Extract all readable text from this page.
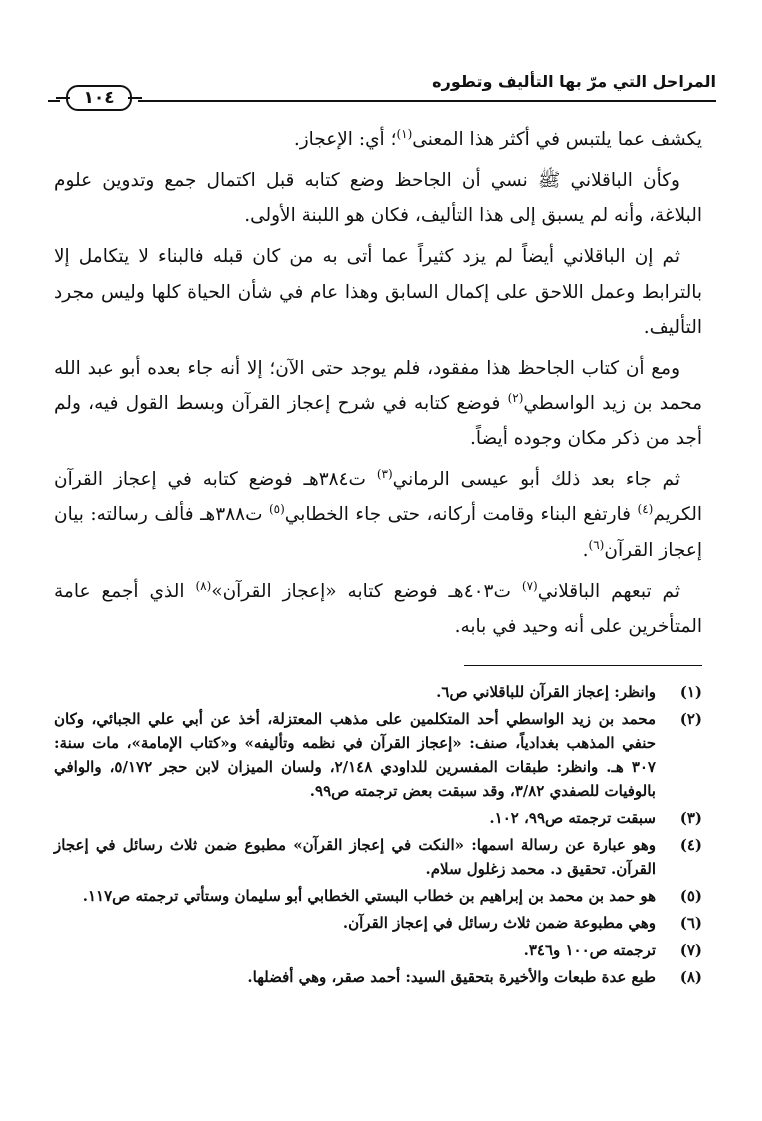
المراحل التي مرّ بها التأليف وتطوره
١٠٤

يكشف عما يلتبس في أكثر هذا المعنى$^{(١)}$؛ أي: الإعجاز.

وكأن الباقلاني ﷺ نسي أن الجاحظ وضع كتابه قبل اكتمال جمع وتدوين علوم البلاغة، وأنه لم يسبق إلى هذا التأليف، فكان هو اللبنة الأولى.

ثم إن الباقلاني أيضاً لم يزد كثيراً عما أتى به من كان قبله فالبناء لا يتكامل إلا بالترابط وعمل اللاحق على إكمال السابق وهذا عام في شأن الحياة كلها وليس مجرد التأليف.

ومع أن كتاب الجاحظ هذا مفقود، فلم يوجد حتى الآن؛ إلا أنه جاء بعده أبو عبد الله محمد بن زيد الواسطي$^{(٢)}$ فوضع كتابه في شرح إعجاز القرآن وبسط القول فيه، ولم أجد من ذكر مكان وجوده أيضاً.

ثم جاء بعد ذلك أبو عيسى الرماني$^{(٣)}$ ت٣٨٤هـ فوضع كتابه في إعجاز القرآن الكريم$^{(٤)}$ فارتفع البناء وقامت أركانه، حتى جاء الخطابي$^{(٥)}$ ت٣٨٨هـ فألف رسالته: بيان إعجاز القرآن$^{(٦)}$.

ثم تبعهم الباقلاني$^{(٧)}$ ت٤٠٣هـ فوضع كتابه «إعجاز القرآن»$^{(٨)}$ الذي أجمع عامة المتأخرين على أنه وحيد في بابه.

(١)
وانظر: إعجاز القرآن للباقلاني ص٦.
(٢)
محمد بن زيد الواسطي أحد المتكلمين على مذهب المعتزلة، أخذ عن أبي علي الجبائي، وكان حنفي المذهب بغدادياً، صنف: «إعجاز القرآن في نظمه وتأليفه» و«كتاب الإمامة»، مات سنة: ٣٠٧ هـ. وانظر: طبقات المفسرين للداودي ٢/١٤٨، ولسان الميزان لابن حجر ٥/١٧٢، والوافي بالوفيات للصفدي ٣/٨٢، وقد سبقت بعض ترجمته ص٩٩.
(٣)
سبقت ترجمته ص٩٩، ١٠٢.
(٤)
وهو عبارة عن رسالة اسمها: «النكت في إعجاز القرآن» مطبوع ضمن ثلاث رسائل في إعجاز القرآن. تحقيق د. محمد زغلول سلام.
(٥)
هو حمد بن محمد بن إبراهيم بن خطاب البستي الخطابي أبو سليمان وستأتي ترجمته ص١١٧.
(٦)
وهي مطبوعة ضمن ثلاث رسائل في إعجاز القرآن.
(٧)
ترجمته ص١٠٠ و٣٤٦.
(٨)
طبع عدة طبعات والأخيرة بتحقيق السيد: أحمد صقر، وهي أفضلها.
